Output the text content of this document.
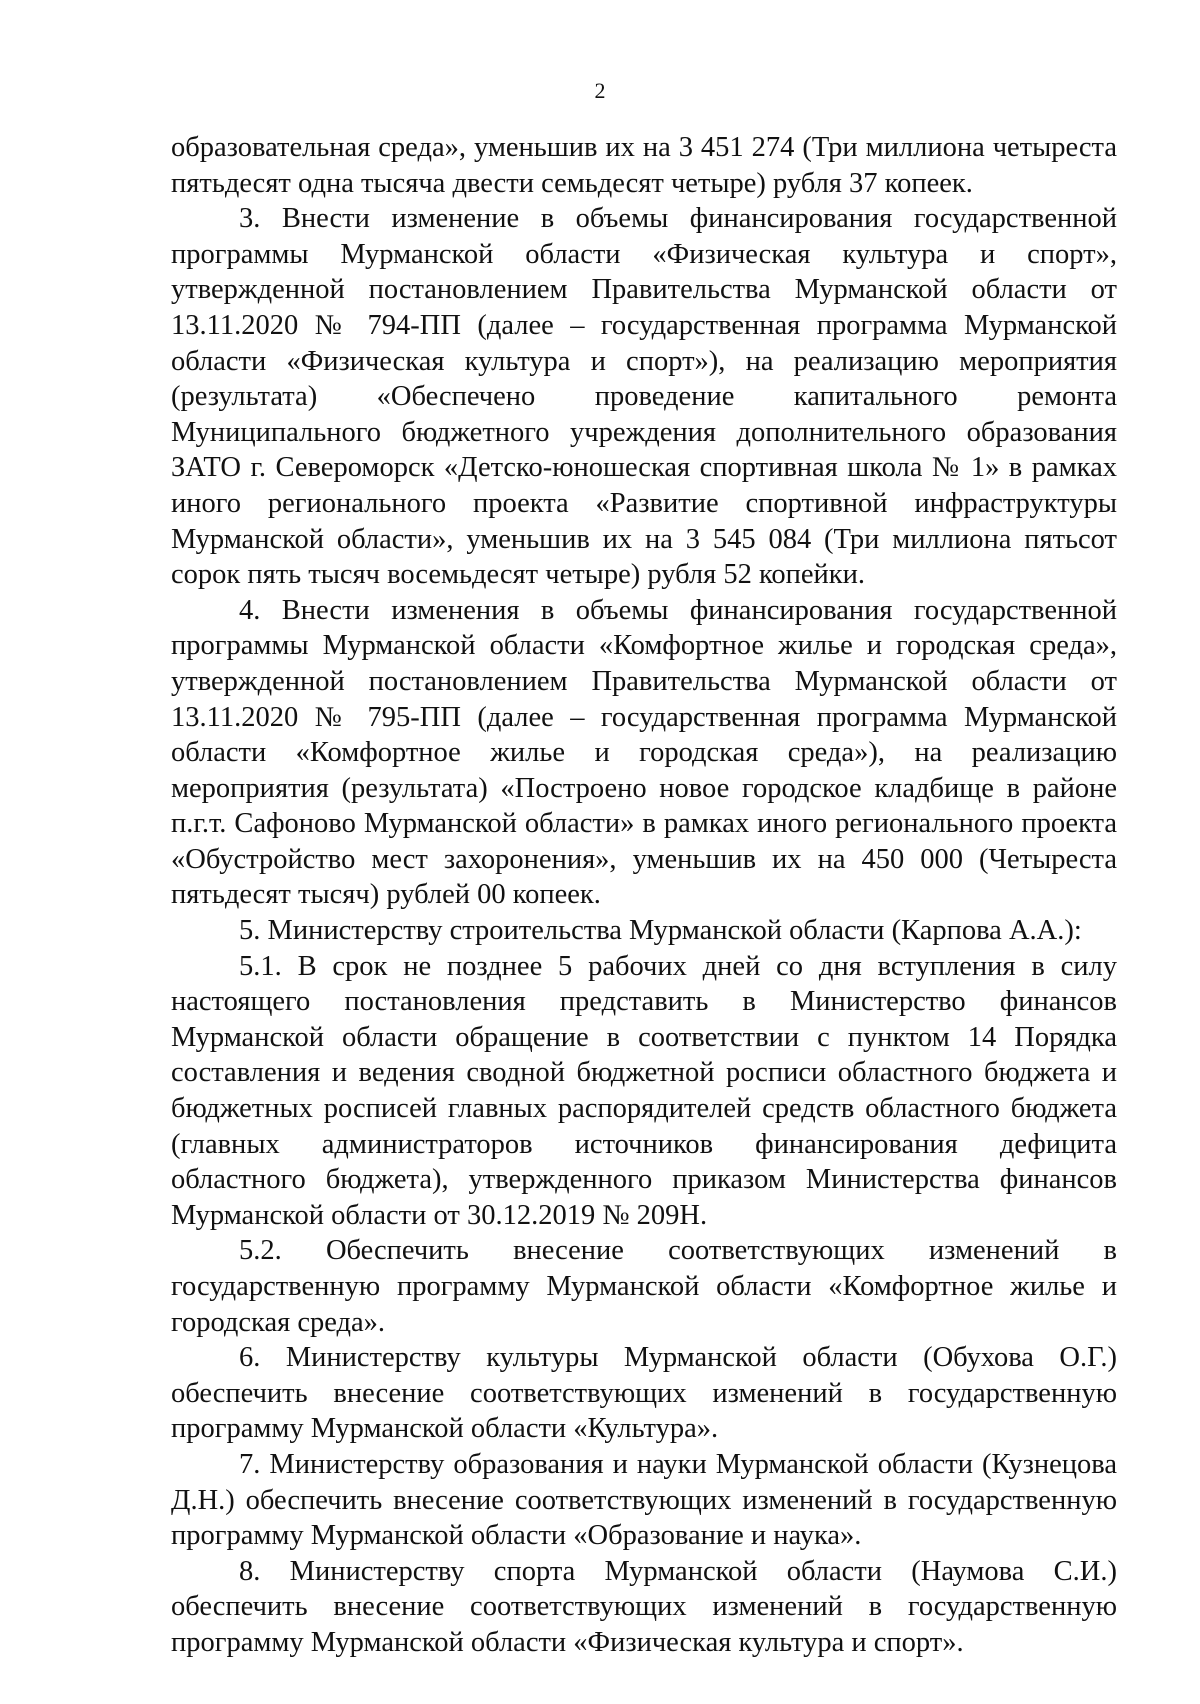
2

образовательная среда», уменьшив их на 3 451 274 (Три миллиона четыреста пятьдесят одна тысяча двести семьдесят четыре) рубля 37 копеек.

3. Внести изменение в объемы финансирования государственной программы Мурманской области «Физическая культура и спорт», утвержденной постановлением Правительства Мурманской области от 13.11.2020 № 794-ПП (далее – государственная программа Мурманской области «Физическая культура и спорт»), на реализацию мероприятия (результата) «Обеспечено проведение капитального ремонта Муниципального бюджетного учреждения дополнительного образования ЗАТО г. Североморск «Детско-юношеская спортивная школа № 1» в рамках иного регионального проекта «Развитие спортивной инфраструктуры Мурманской области», уменьшив их на 3 545 084 (Три миллиона пятьсот сорок пять тысяч восемьдесят четыре) рубля 52 копейки.

4. Внести изменения в объемы финансирования государственной программы Мурманской области «Комфортное жилье и городская среда», утвержденной постановлением Правительства Мурманской области от 13.11.2020 № 795-ПП (далее – государственная программа Мурманской области «Комфортное жилье и городская среда»), на реализацию мероприятия (результата) «Построено новое городское кладбище в районе п.г.т. Сафоново Мурманской области» в рамках иного регионального проекта «Обустройство мест захоронения», уменьшив их на 450 000 (Четыреста пятьдесят тысяч) рублей 00 копеек.

5. Министерству строительства Мурманской области (Карпова А.А.):

5.1. В срок не позднее 5 рабочих дней со дня вступления в силу настоящего постановления представить в Министерство финансов Мурманской области обращение в соответствии с пунктом 14 Порядка составления и ведения сводной бюджетной росписи областного бюджета и бюджетных росписей главных распорядителей средств областного бюджета (главных администраторов источников финансирования дефицита областного бюджета), утвержденного приказом Министерства финансов Мурманской области от 30.12.2019 № 209Н.

5.2. Обеспечить внесение соответствующих изменений в государственную программу Мурманской области «Комфортное жилье и городская среда».

6. Министерству культуры Мурманской области (Обухова О.Г.) обеспечить внесение соответствующих изменений в государственную программу Мурманской области «Культура».

7. Министерству образования и науки Мурманской области (Кузнецова Д.Н.) обеспечить внесение соответствующих изменений в государственную программу Мурманской области «Образование и наука».

8. Министерству спорта Мурманской области (Наумова С.И.) обеспечить внесение соответствующих изменений в государственную программу Мурманской области «Физическая культура и спорт».
